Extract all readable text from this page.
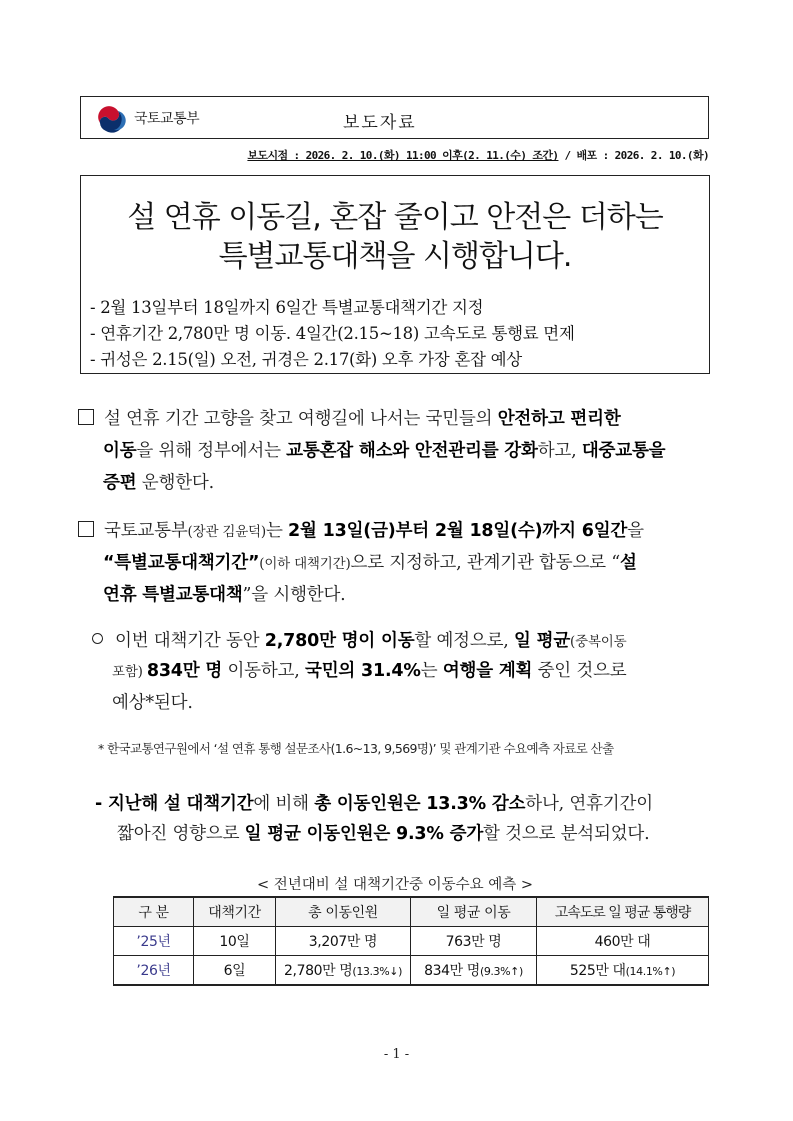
국토교통부	보도자료
보도시점 : 2026. 2. 10.(화) 11:00 이후(2. 11.(수) 조간) / 배포 : 2026. 2. 10.(화)
설 연휴 이동길, 혼잡 줄이고 안전은 더하는
특별교통대책을 시행합니다.
- 2월 13일부터 18일까지 6일간 특별교통대책기간 지정
- 연휴기간 2,780만 명 이동. 4일간(2.15~18) 고속도로 통행료 면제
- 귀성은 2.15(일) 오전, 귀경은 2.17(화) 오후 가장 혼잡 예상
설 연휴 기간 고향을 찾고 여행길에 나서는 국민들의 안전하고 편리한
이동을 위해 정부에서는 교통혼잡 해소와 안전관리를 강화하고, 대중교통을
증편 운행한다.
국토교통부(장관 김윤덕)는 2월 13일(금)부터 2월 18일(수)까지 6일간을
“특별교통대책기간”(이하 대책기간)으로 지정하고, 관계기관 합동으로 “설
연휴 특별교통대책”을 시행한다.
이번 대책기간 동안 2,780만 명이 이동할 예정으로, 일 평균(중복이동
포함) 834만 명 이동하고, 국민의 31.4%는 여행을 계획 중인 것으로
예상*된다.
* 한국교통연구원에서 ‘설 연휴 통행 설문조사(1.6~13, 9,569명)’ 및 관계기관 수요예측 자료로 산출
- 지난해 설 대책기간에 비해 총 이동인원은 13.3% 감소하나, 연휴기간이
짧아진 영향으로 일 평균 이동인원은 9.3% 증가할 것으로 분석되었다.
< 전년대비 설 대책기간중 이동수요 예측 >
구 분	대책기간	총 이동인원	일 평균 이동	고속도로 일 평균 통행량
’25년	10일	3,207만 명	763만 명	460만 대
’26년	6일	2,780만 명(13.3%↓)	834만 명(9.3%↑)	525만 대(14.1%↑)
- 1 -
